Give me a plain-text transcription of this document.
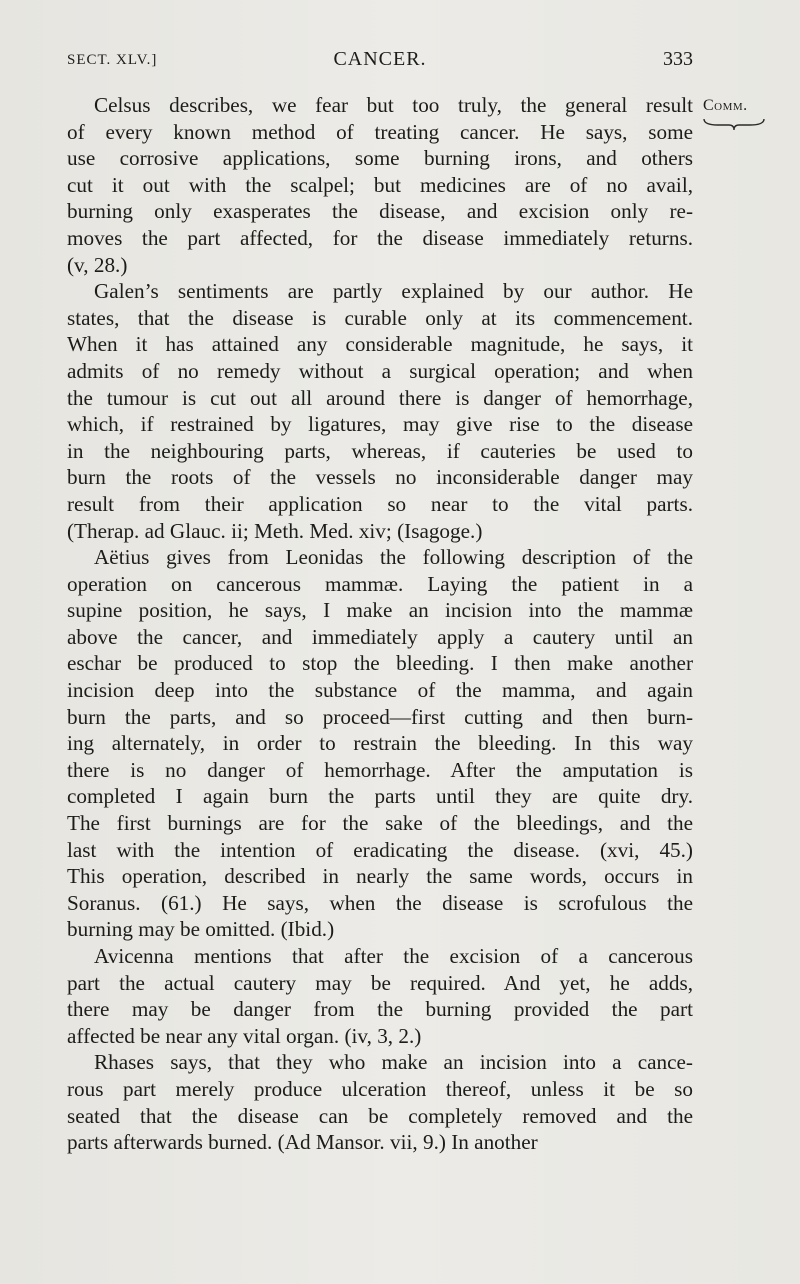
SECT. XLV.]	CANCER.	333
Comm.

Celsus describes, we fear but too truly, the general result
of every known method of treating cancer. He says, some
use corrosive applications, some burning irons, and others
cut it out with the scalpel; but medicines are of no avail,
burning only exasperates the disease, and excision only re-
moves the part affected, for the disease immediately returns.
(v, 28.)

Galen’s sentiments are partly explained by our author. He
states, that the disease is curable only at its commencement.
When it has attained any considerable magnitude, he says, it
admits of no remedy without a surgical operation; and when
the tumour is cut out all around there is danger of hemorrhage,
which, if restrained by ligatures, may give rise to the disease
in the neighbouring parts, whereas, if cauteries be used to
burn the roots of the vessels no inconsiderable danger may
result from their application so near to the vital parts.
(Therap. ad Glauc. ii; Meth. Med. xiv; (Isagoge.)

Aëtius gives from Leonidas the following description of the
operation on cancerous mammæ. Laying the patient in a
supine position, he says, I make an incision into the mammæ
above the cancer, and immediately apply a cautery until an
eschar be produced to stop the bleeding. I then make another
incision deep into the substance of the mamma, and again
burn the parts, and so proceed—first cutting and then burn-
ing alternately, in order to restrain the bleeding. In this way
there is no danger of hemorrhage. After the amputation is
completed I again burn the parts until they are quite dry.
The first burnings are for the sake of the bleedings, and the
last with the intention of eradicating the disease. (xvi, 45.)
This operation, described in nearly the same words, occurs in
Soranus. (61.) He says, when the disease is scrofulous the
burning may be omitted. (Ibid.)

Avicenna mentions that after the excision of a cancerous
part the actual cautery may be required. And yet, he adds,
there may be danger from the burning provided the part
affected be near any vital organ. (iv, 3, 2.)

Rhases says, that they who make an incision into a cance-
rous part merely produce ulceration thereof, unless it be so
seated that the disease can be completely removed and the
parts afterwards burned. (Ad Mansor. vii, 9.) In another
